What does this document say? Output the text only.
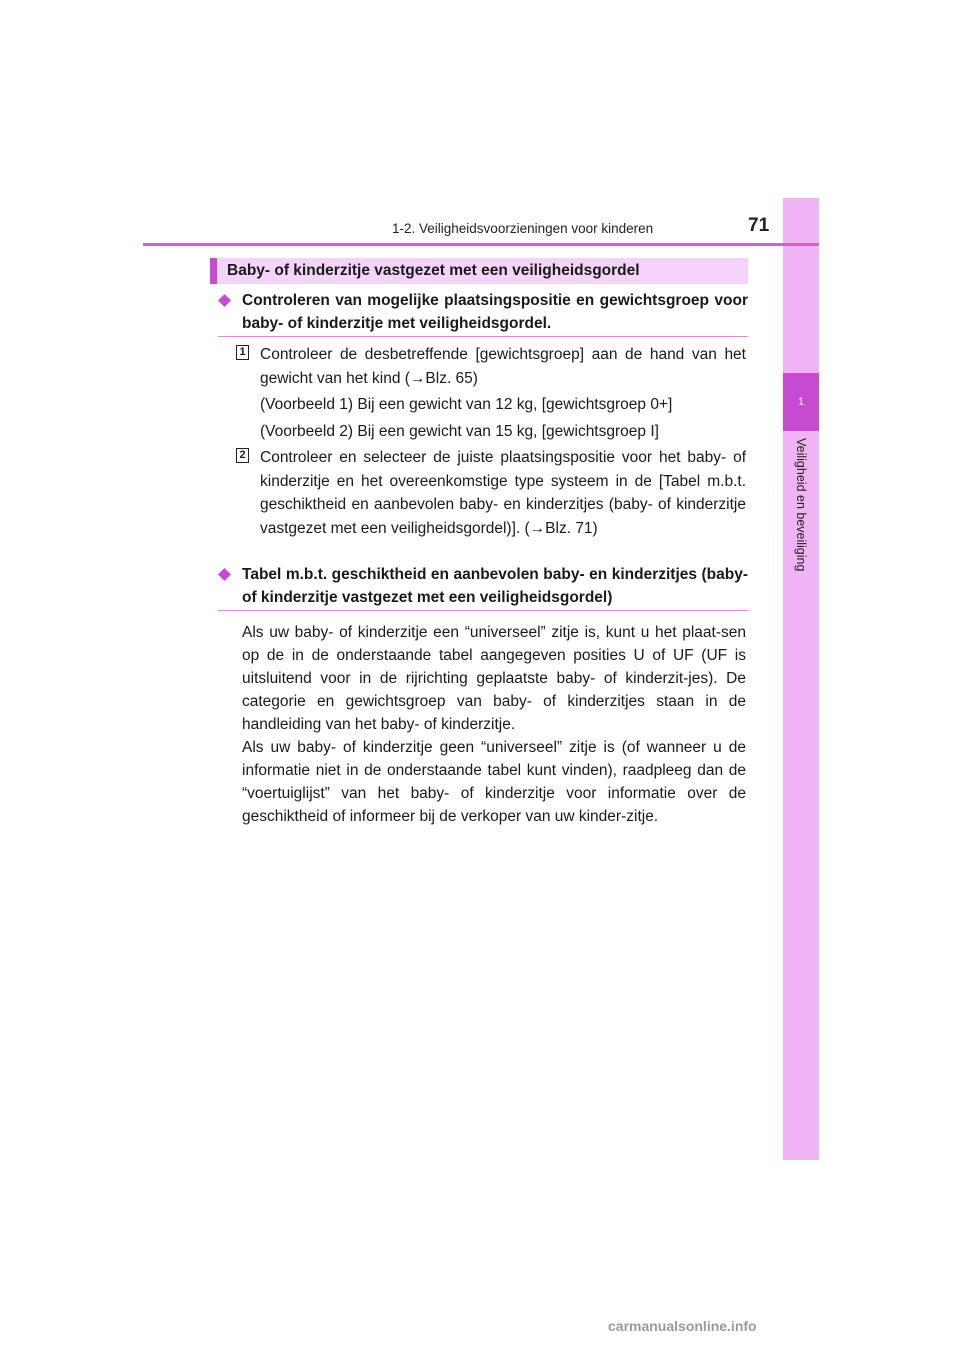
1
Veiligheid en beveiliging
1-2. Veiligheidsvoorzieningen voor kinderen	71
Baby- of kinderzitje vastgezet met een veiligheidsgordel
Controleren van mogelijke plaatsingspositie en gewichtsgroep voor baby- of kinderzitje met veiligheidsgordel.
1 Controleer de desbetreffende [gewichtsgroep] aan de hand van het gewicht van het kind (→Blz. 65)
(Voorbeeld 1) Bij een gewicht van 12 kg, [gewichtsgroep 0+]
(Voorbeeld 2) Bij een gewicht van 15 kg, [gewichtsgroep I]
2 Controleer en selecteer de juiste plaatsingspositie voor het baby- of kinderzitje en het overeenkomstige type systeem in de [Tabel m.b.t. geschiktheid en aanbevolen baby- en kinderzitjes (baby- of kinderzitje vastgezet met een veiligheidsgordel)]. (→Blz. 71)
Tabel m.b.t. geschiktheid en aanbevolen baby- en kinderzitjes (baby- of kinderzitje vastgezet met een veiligheidsgordel)

Als uw baby- of kinderzitje een “universeel” zitje is, kunt u het plaat-sen op de in de onderstaande tabel aangegeven posities U of UF (UF is uitsluitend voor in de rijrichting geplaatste baby- of kinderzit-jes). De categorie en gewichtsgroep van baby- of kinderzitjes staan in de handleiding van het baby- of kinderzitje.

Als uw baby- of kinderzitje geen “universeel” zitje is (of wanneer u de informatie niet in de onderstaande tabel kunt vinden), raadpleeg dan de “voertuiglijst” van het baby- of kinderzitje voor informatie over de geschiktheid of informeer bij de verkoper van uw kinder-zitje.

carmanualsonline.info
